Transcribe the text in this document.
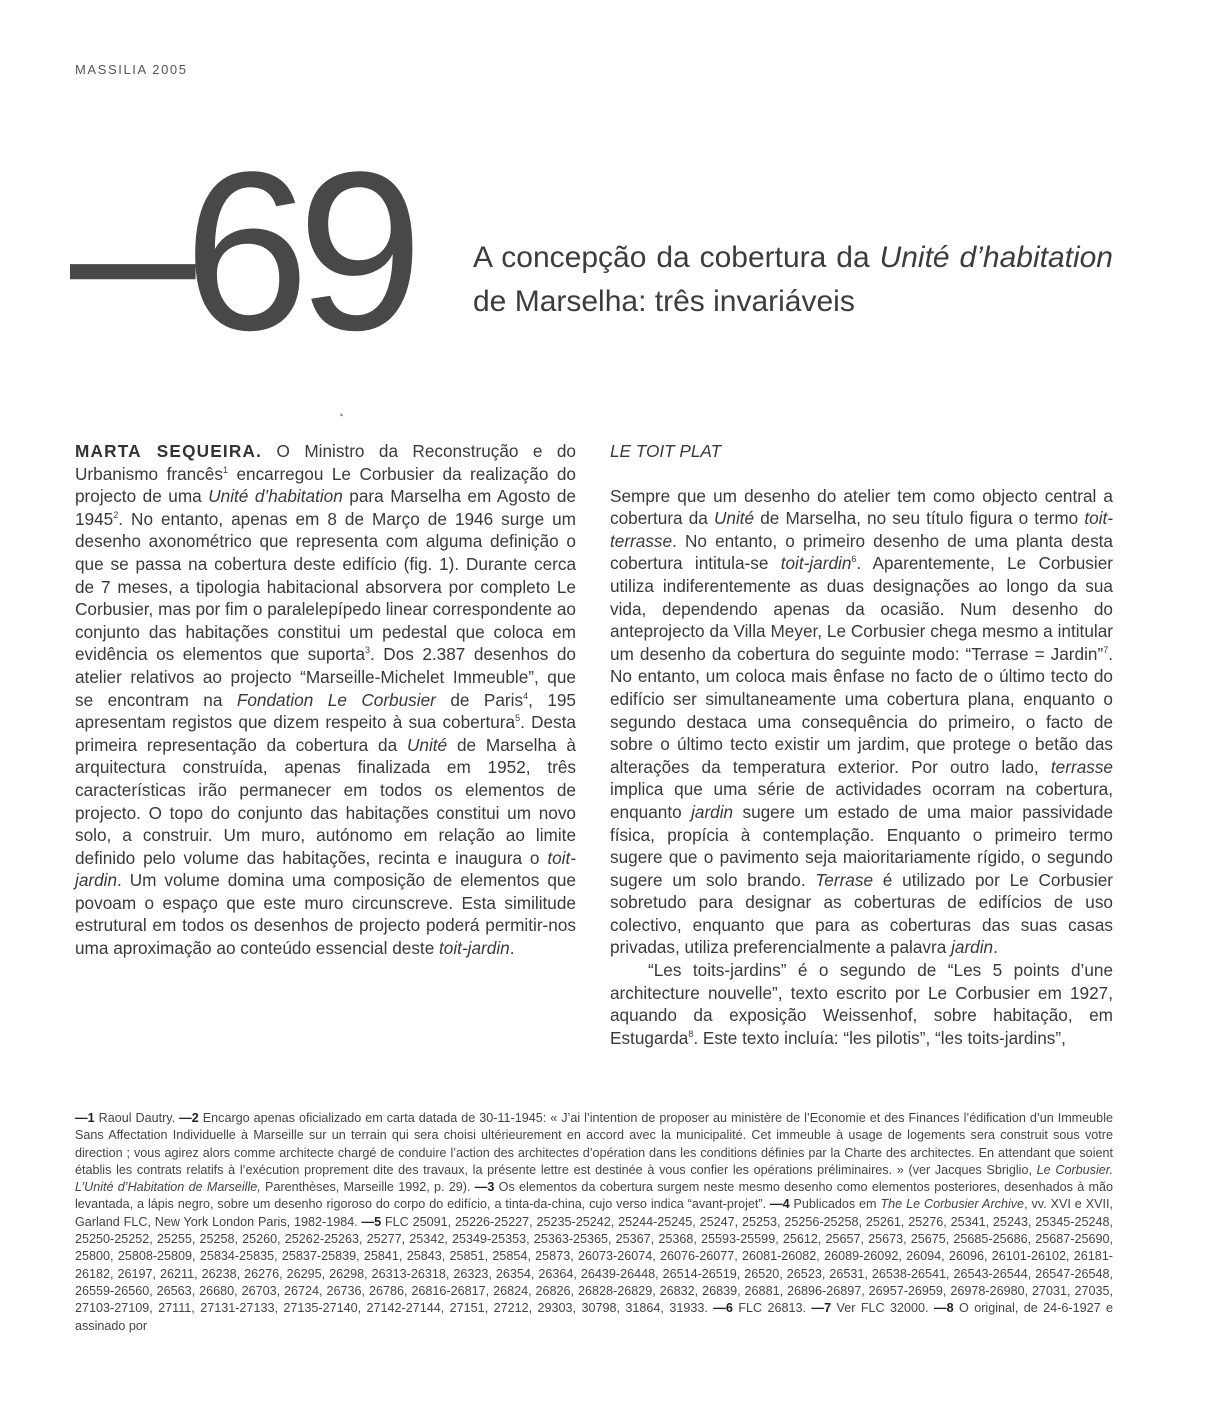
MASSILIA 2005
–69 A concepção da cobertura da Unité d’habitation de Marselha: três invariáveis

MARTA SEQUEIRA. O Ministro da Reconstrução e do Urbanismo francês$^1$ encarregou Le Corbusier da realização do projecto de uma Unité d’habitation para Marselha em Agosto de 1945$^2$. No entanto, apenas em 8 de Março de 1946 surge um desenho axonométrico que representa com alguma definição o que se passa na cobertura deste edifício (fig. 1). Durante cerca de 7 meses, a tipologia habitacional absorvera por completo Le Corbusier, mas por fim o paralelepípedo linear correspondente ao conjunto das habitações constitui um pedestal que coloca em evidência os elementos que suporta$^3$. Dos 2.387 desenhos do atelier relativos ao projecto “Marseille-Michelet Immeuble”, que se encontram na Fondation Le Corbusier de Paris$^4$, 195 apresentam registos que dizem respeito à sua cobertura$^5$. Desta primeira representação da cobertura da Unité de Marselha à arquitectura construída, apenas finalizada em 1952, três características irão permanecer em todos os elementos de projecto. O topo do conjunto das habitações constitui um novo solo, a construir. Um muro, autónomo em relação ao limite definido pelo volume das habitações, recinta e inaugura o toit-jardin. Um volume domina uma composição de elementos que povoam o espaço que este muro circunscreve. Esta similitude estrutural em todos os desenhos de projecto poderá permitir-nos uma aproximação ao conteúdo essencial deste toit-jardin.

LE TOIT PLAT

Sempre que um desenho do atelier tem como objecto central a cobertura da Unité de Marselha, no seu título figura o termo toit-terrasse. No entanto, o primeiro desenho de uma planta desta cobertura intitula-se toit-jardin$^6$. Aparentemente, Le Corbusier utiliza indiferentemente as duas designações ao longo da sua vida, dependendo apenas da ocasião. Num desenho do anteprojecto da Villa Meyer, Le Corbusier chega mesmo a intitular um desenho da cobertura do seguinte modo: “Terrase = Jardin”$^7$. No entanto, um coloca mais ênfase no facto de o último tecto do edifício ser simultaneamente uma cobertura plana, enquanto o segundo destaca uma consequência do primeiro, o facto de sobre o último tecto existir um jardim, que protege o betão das alterações da temperatura exterior. Por outro lado, terrasse implica que uma série de actividades ocorram na cobertura, enquanto jardin sugere um estado de uma maior passividade física, propícia à contemplação. Enquanto o primeiro termo sugere que o pavimento seja maioritariamente rígido, o segundo sugere um solo brando. Terrase é utilizado por Le Corbusier sobretudo para designar as coberturas de edifícios de uso colectivo, enquanto que para as coberturas das suas casas privadas, utiliza preferencialmente a palavra jardin.

“Les toits-jardins” é o segundo de “Les 5 points d’une architecture nouvelle”, texto escrito por Le Corbusier em 1927, aquando da exposição Weissenhof, sobre habitação, em Estugarda$^8$. Este texto incluía: “les pilotis”, “les toits-jardins”,

—1 Raoul Dautry. —2 Encargo apenas oficializado em carta datada de 30-11-1945: « J’ai l’intention de proposer au ministère de l’Economie et des Finances l’édification d’un Immeuble Sans Affectation Individuelle à Marseille sur un terrain qui sera choisi ultérieurement en accord avec la municipalité. Cet immeuble à usage de logements sera construit sous votre direction ; vous agirez alors comme architecte chargé de conduire l’action des architectes d’opération dans les conditions définies par la Charte des architectes. En attendant que soient établis les contrats relatifs à l’exécution proprement dite des travaux, la présente lettre est destinée à vous confier les opérations préliminaires. » (ver Jacques Sbriglio, Le Corbusier. L’Unité d’Habitation de Marseille, Parenthèses, Marseille 1992, p. 29). —3 Os elementos da cobertura surgem neste mesmo desenho como elementos posteriores, desenhados à mão levantada, a lápis negro, sobre um desenho rigoroso do corpo do edifício, a tinta-da-china, cujo verso indica “avant-projet”. —4 Publicados em The Le Corbusier Archive, vv. XVI e XVII, Garland FLC, New York London Paris, 1982-1984. —5 FLC 25091, 25226-25227, 25235-25242, 25244-25245, 25247, 25253, 25256-25258, 25261, 25276, 25341, 25243, 25345-25248, 25250-25252, 25255, 25258, 25260, 25262-25263, 25277, 25342, 25349-25353, 25363-25365, 25367, 25368, 25593-25599, 25612, 25657, 25673, 25675, 25685-25686, 25687-25690, 25800, 25808-25809, 25834-25835, 25837-25839, 25841, 25843, 25851, 25854, 25873, 26073-26074, 26076-26077, 26081-26082, 26089-26092, 26094, 26096, 26101-26102, 26181-26182, 26197, 26211, 26238, 26276, 26295, 26298, 26313-26318, 26323, 26354, 26364, 26439-26448, 26514-26519, 26520, 26523, 26531, 26538-26541, 26543-26544, 26547-26548, 26559-26560, 26563, 26680, 26703, 26724, 26736, 26786, 26816-26817, 26824, 26826, 26828-26829, 26832, 26839, 26881, 26896-26897, 26957-26959, 26978-26980, 27031, 27035, 27103-27109, 27111, 27131-27133, 27135-27140, 27142-27144, 27151, 27212, 29303, 30798, 31864, 31933. —6 FLC 26813. —7 Ver FLC 32000. —8 O original, de 24-6-1927 e assinado por
